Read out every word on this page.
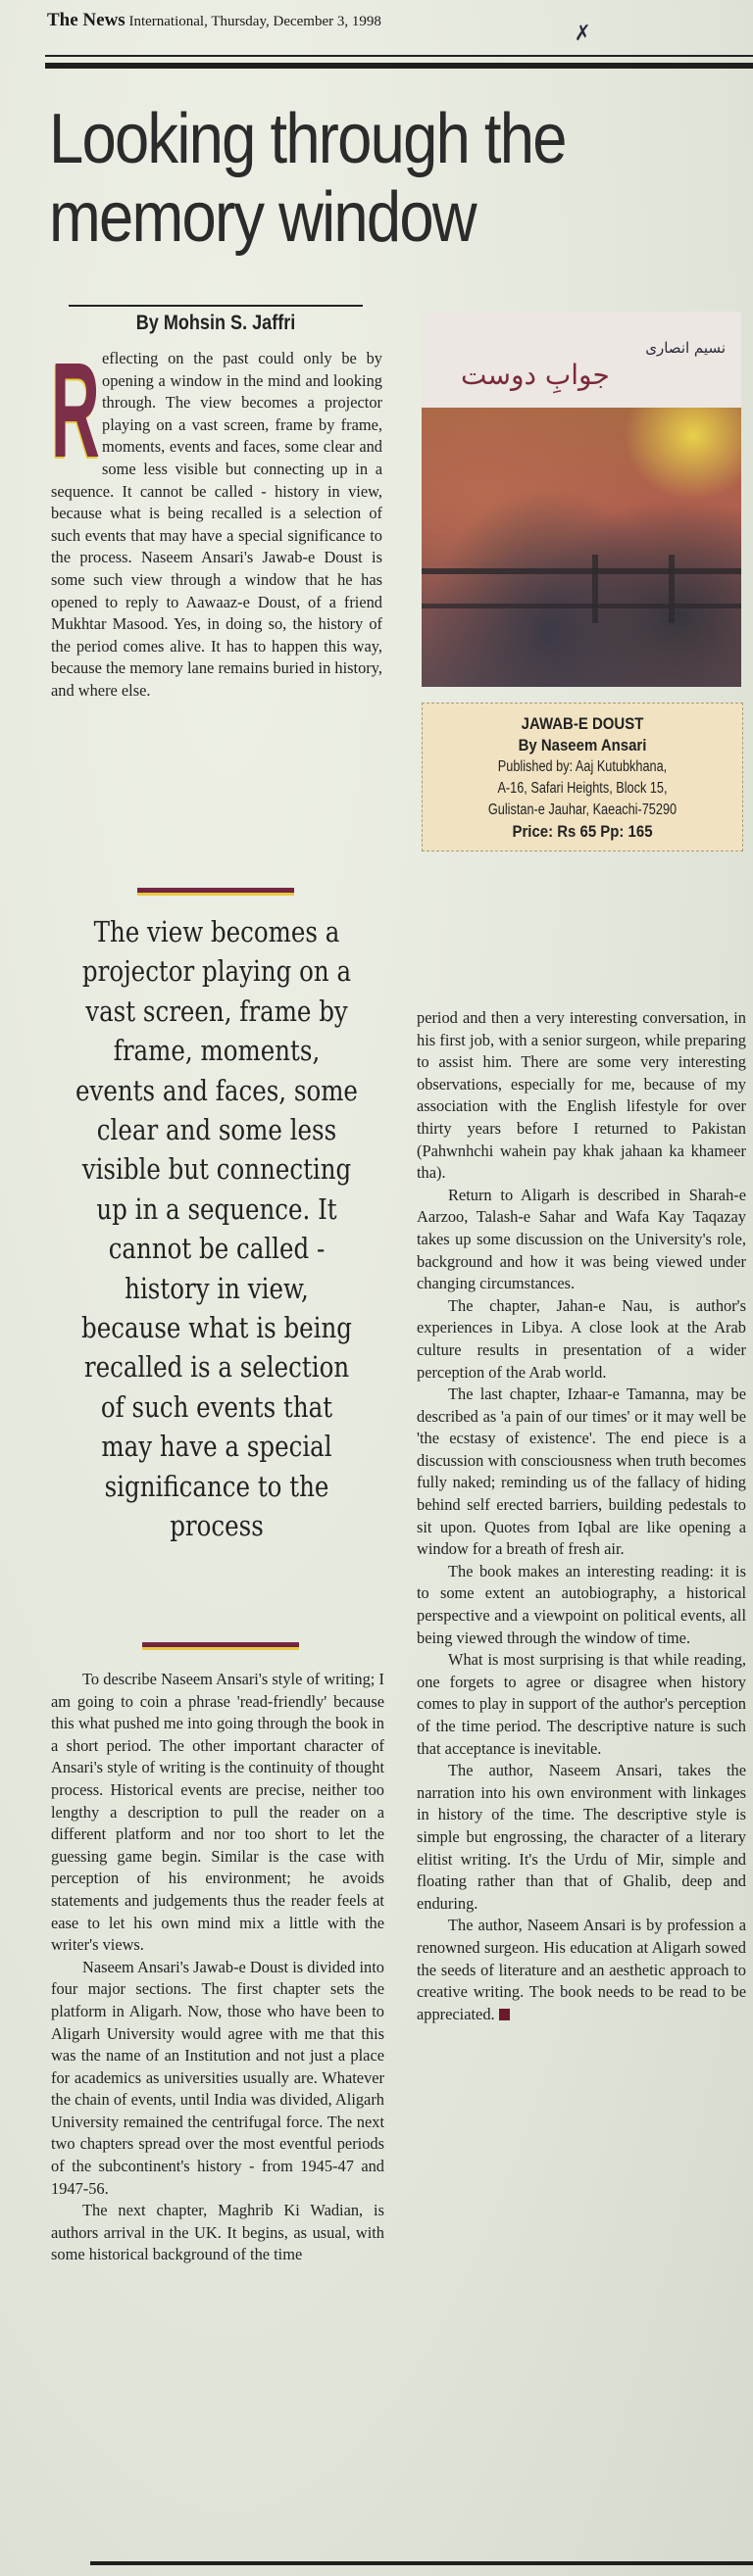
The News International, Thursday, December 3, 1998	✗
Looking through the
memory window
By Mohsin S. Jaffri
R eflecting on the past could only be by opening a window in the mind and looking through. The view becomes a projector playing on a vast screen, frame by frame, moments, events and faces, some clear and some less visible but connecting up in a sequence. It cannot be called - history in view, because what is being recalled is a selection of such events that may have a special significance to the process. Naseem Ansari's Jawab-e Doust is some such view through a window that he has opened to reply to Aawaaz-e Doust, of a friend Mukhtar Masood. Yes, in doing so, the history of the period comes alive. It has to happen this way, because the memory lane remains buried in history, and where else.

The view becomes a projector playing on a vast screen, frame by frame, moments, events and faces, some clear and some less visible but connecting up in a sequence. It cannot be called - history in view, because what is being recalled is a selection of such events that may have a special significance to the process

To describe Naseem Ansari's style of writing; I am going to coin a phrase 'read-friendly' because this what pushed me into going through the book in a short period. The other important character of Ansari's style of writing is the continuity of thought process. Historical events are precise, neither too lengthy a description to pull the reader on a different platform and nor too short to let the guessing game begin. Similar is the case with perception of his environment; he avoids statements and judgements thus the reader feels at ease to let his own mind mix a little with the writer's views.

Naseem Ansari's Jawab-e Doust is divided into four major sections. The first chapter sets the platform in Aligarh. Now, those who have been to Aligarh University would agree with me that this was the name of an Institution and not just a place for academics as universities usually are. Whatever the chain of events, until India was divided, Aligarh University remained the centrifugal force. The next two chapters spread over the most eventful periods of the subcontinent's history - from 1945-47 and 1947-56.

The next chapter, Maghrib Ki Wadian, is authors arrival in the UK. It begins, as usual, with some historical background of the time

نسیم انصاری
جوابِ دوست
JAWAB-E DOUST
By Naseem Ansari
Published by: Aaj Kutubkhana,
A-16, Safari Heights, Block 15,
Gulistan-e Jauhar, Kaeachi-75290
Price: Rs 65 Pp: 165

period and then a very interesting conversation, in his first job, with a senior surgeon, while preparing to assist him. There are some very interesting observations, especially for me, because of my association with the English lifestyle for over thirty years before I returned to Pakistan (Pahwnhchi wahein pay khak jahaan ka khameer tha).

Return to Aligarh is described in Sharah-e Aarzoo, Talash-e Sahar and Wafa Kay Taqazay takes up some discussion on the University's role, background and how it was being viewed under changing circumstances.

The chapter, Jahan-e Nau, is author's experiences in Libya. A close look at the Arab culture results in presentation of a wider perception of the Arab world.

The last chapter, Izhaar-e Tamanna, may be described as 'a pain of our times' or it may well be 'the ecstasy of existence'. The end piece is a discussion with consciousness when truth becomes fully naked; reminding us of the fallacy of hiding behind self erected barriers, building pedestals to sit upon. Quotes from Iqbal are like opening a window for a breath of fresh air.

The book makes an interesting reading: it is to some extent an autobiography, a historical perspective and a viewpoint on political events, all being viewed through the window of time.

What is most surprising is that while reading, one forgets to agree or disagree when history comes to play in support of the author's perception of the time period. The descriptive nature is such that acceptance is inevitable.

The author, Naseem Ansari, takes the narration into his own environment with linkages in history of the time. The descriptive style is simple but engrossing, the character of a literary elitist writing. It's the Urdu of Mir, simple and floating rather than that of Ghalib, deep and enduring.

The author, Naseem Ansari is by profession a renowned surgeon. His education at Aligarh sowed the seeds of literature and an aesthetic approach to creative writing. The book needs to be read to be appreciated.
